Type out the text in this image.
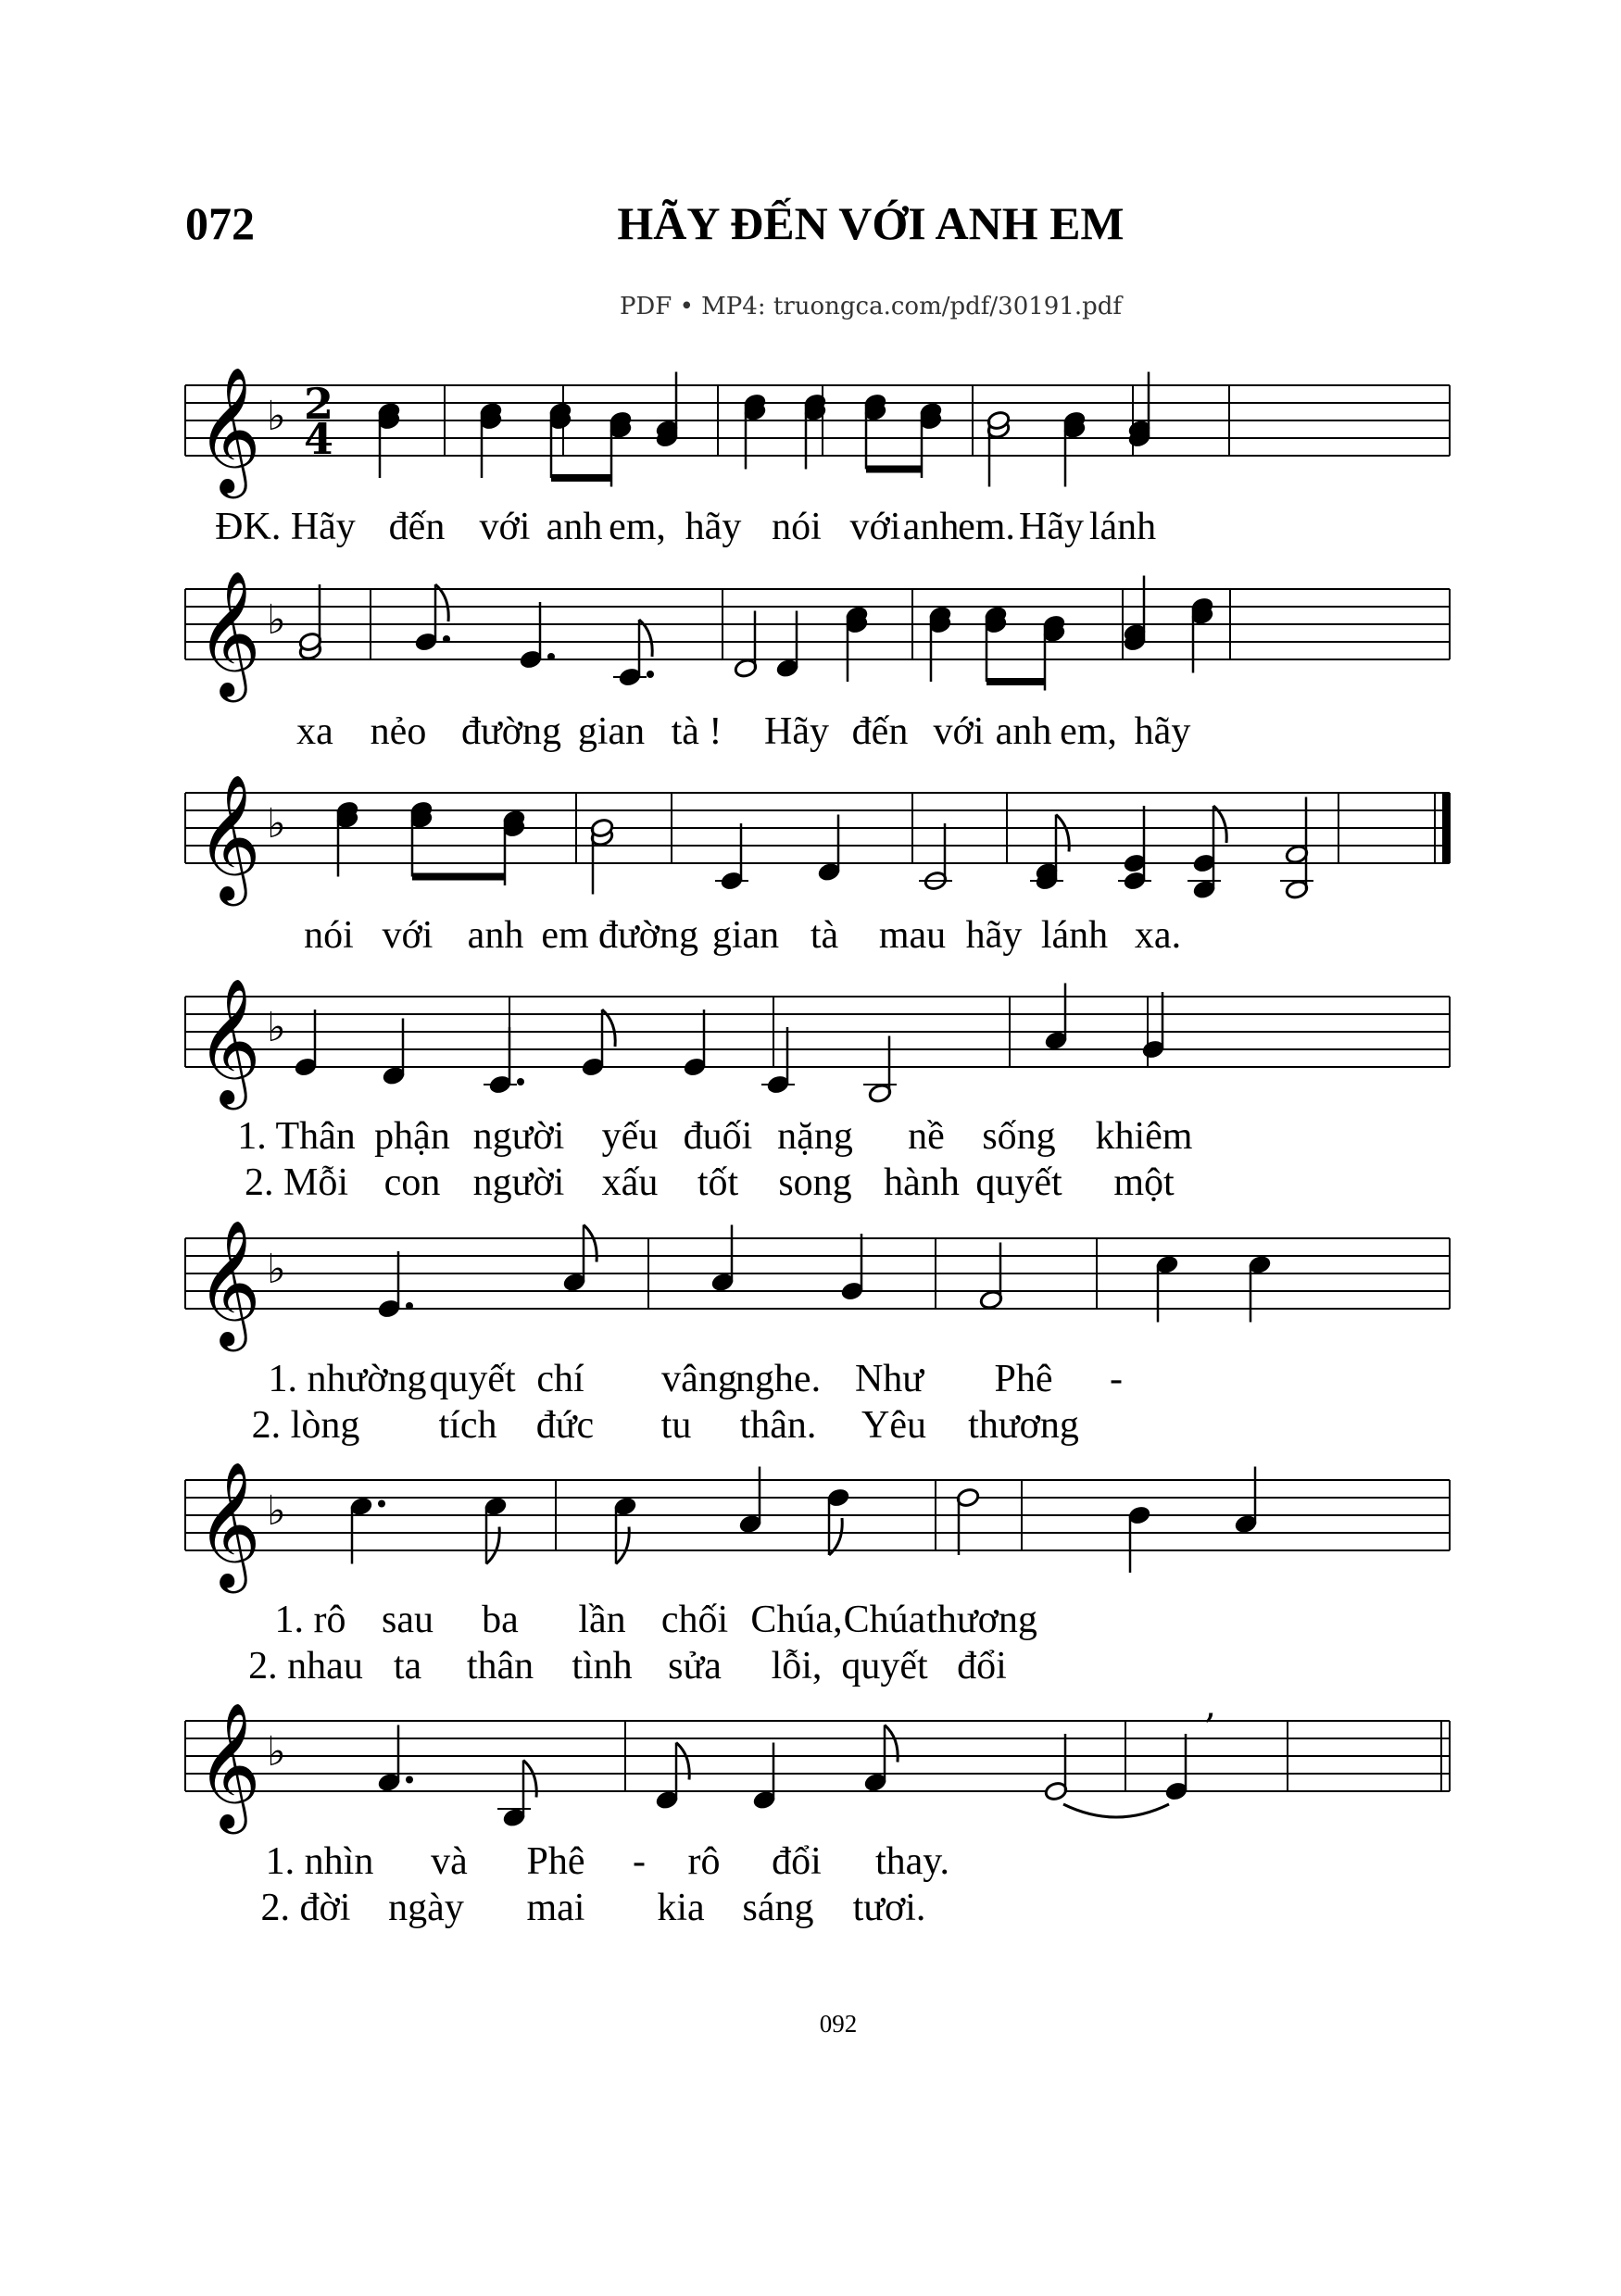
072	HÃY ĐẾN VỚI ANH EM
PDF • MP4: truongca.com/pdf/30191.pdf
𝄞 ♭ 2
4
ĐK. Hãy đến với anh em, hãy nói với anh
em. Hãy lánh
𝄞 ♭
xa nẻo đường gian tà ! Hãy đến với anh em, hãy
𝄞 ♭
nói với anh em đường gian tà mau hãy lánh xa.
𝄞 ♭
1. Thân phận người yếu đuối nặng nề sống khiêm
2. Mỗi con người xấu tốt song hành quyết một
𝄞 ♭
1. nhường quyết chí vâng
nghe. Như Phê -
2. lòng tích đức tu thân. Yêu thương
𝄞 ♭
1. rô sau ba lần chối Chúa, Chúa thương
2. nhau ta thân tình sửa lỗi, quyết đổi
𝄞 ♭
,
1. nhìn và Phê - rô đổi thay.
2. đời ngày mai kia sáng tươi.
092
